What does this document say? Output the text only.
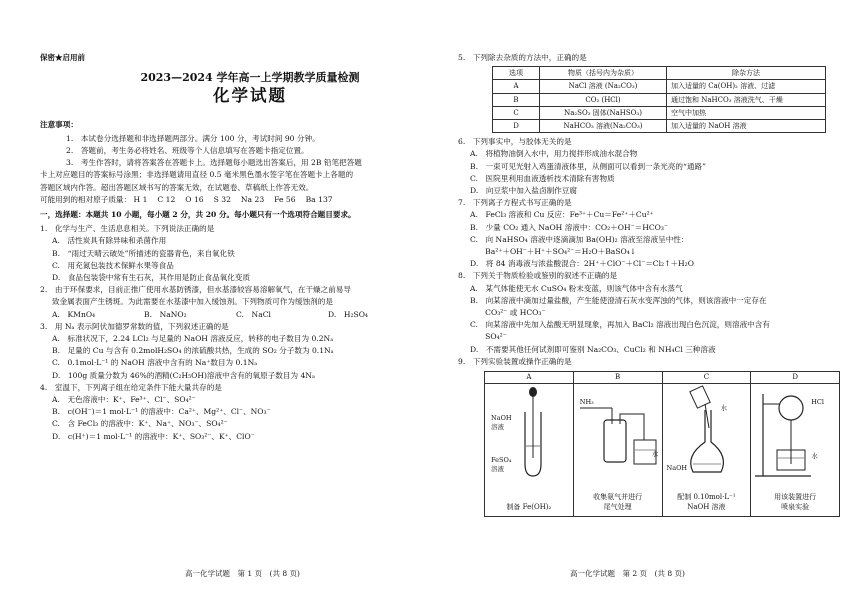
保密★启用前
2023—2024 学年高一上学期教学质量检测
化学试题
注意事项：

1.　本试卷分选择题和非选择题两部分。满分 100 分，考试时间 90 分钟。

2.　答题前，考生务必将姓名、班级等个人信息填写在答题卡指定位置。

3.　考生作答时，请将答案答在答题卡上。选择题每小题选出答案后，用 2B 铅笔把答题

卡上对应题目的答案标号涂黑；非选择题请用直径 0.5 毫米黑色墨水签字笔在答题卡上各题的

答题区域内作答。超出答题区域书写的答案无效，在试题卷、草稿纸上作答无效。

可能用到的相对原子质量： H 1　 C 12　 O 16　 S 32　 Na 23　 Fe 56　 Ba 137

一，选择题：本题共 10 小题，每小题 2 分，共 20 分。每小题只有一个选项符合题目要求。

1.　化学与生产、生活息息相关。下列说法正确的是

A.　活性炭具有除异味和杀菌作用

B.　“雨过天晴云破处”所描述的瓷器青色，来自氧化铁

C.　用充氮包装技术保鲜水果等食品

D.　食品包装袋中常有生石灰，其作用是防止食品氧化变质

2.　由于环保要求，目前正推广使用水基防锈漆，但水基漆较容易溶解氧气，在干燥之前易导

致金属表面产生锈斑。为此需要在水基漆中加入缓蚀剂。下列物质可作为缓蚀剂的是

A.　KMnO₄	B.　NaNO₂	C.　NaCl	D.　H₂SO₄

3.　用 Nₐ 表示阿伏加德罗常数的值，下列叙述正确的是

A.　标准状况下，2.24 LCl₂ 与足量的 NaOH 溶液反应，转移的电子数目为 0.2Nₐ

B.　足量的 Cu 与含有 0.2molH₂SO₄ 的浓硫酸共热，生成的 SO₂ 分子数为 0.1Nₐ

C.　0.1mol·L⁻¹ 的 NaOH 溶液中含有的 Na⁺数目为 0.1Nₐ

D.　100g 质量分数为 46%的酒精(C₂H₅OH)溶液中含有的氧原子数目为 4Nₐ

4.　室温下，下列离子组在给定条件下能大量共存的是

A.　无色溶液中：K⁺、Fe³⁺、Cl⁻、SO₄²⁻

B.　c(OH⁻)＝1 mol·L⁻¹ 的溶液中：Ca²⁺、Mg²⁺、Cl⁻、NO₃⁻

C.　含 FeCl₃ 的溶液中：K⁺、Na⁺、NO₃⁻、SO₄²⁻

D.　c(H⁺)＝1 mol·L⁻¹ 的溶液中：K⁺、SO₃²⁻、K⁺、ClO⁻

高一化学试题　第 1 页　(共 8 页)

5.　下列除去杂质的方法中，正确的是

选项	物质（括号内为杂质）	除杂方法
A	NaCl 溶液 (Na₂CO₃)	加入适量的 Ca(OH)₂ 溶液、过滤
B	CO₂ (HCl)	通过饱和 NaHCO₃ 溶液洗气、干燥
C	Na₂SO₃ 固体(NaHSO₃)	空气中加热
D	NaHCO₃ 溶液(Na₂CO₃)	加入适量的 NaOH 溶液

6.　下列事实中，与胶体无关的是

A.　将植物油倒入水中，用力搅拌形成油水混合物

B.　一束可见光射入鸡蛋清液体里，从侧面可以看到一条光亮的“通路”

C.　医院里利用血液透析技术清除有害物质

D.　向豆浆中加入盐卤制作豆腐

7.　下列离子方程式书写正确的是

A.　FeCl₃ 溶液和 Cu 反应：Fe³⁺＋Cu＝Fe²⁺＋Cu²⁺

B.　少量 CO₂ 通入 NaOH 溶液中：CO₂＋OH⁻＝HCO₃⁻

C.　向 NaHSO₄ 溶液中逐滴滴加 Ba(OH)₂ 溶液至溶液呈中性：

　　Ba²⁺＋OH⁻＋H⁺＋SO₄²⁻＝H₂O＋BaSO₄↓

D.　将 84 消毒液与浓盐酸混合：2H⁺＋ClO⁻＋Cl⁻＝Cl₂↑＋H₂O

8.　下列关于物质检验或鉴别的叙述不正确的是

A.　某气体能使无水 CuSO₄ 粉末变蓝，则该气体中含有水蒸气

B.　向某溶液中滴加过量盐酸，产生能使澄清石灰水变浑浊的气体，则该溶液中一定存在

　　CO₃²⁻ 或 HCO₃⁻

C.　向某溶液中先加入盐酸无明显现象，再加入 BaCl₂ 溶液出现白色沉淀，则溶液中含有

　　SO₄²⁻

D.　不需要其他任何试剂即可鉴别 Na₂CO₃、CuCl₂ 和 NH₄Cl 三种溶液

9.　下列实验装置或操作正确的是

A
NaOH
溶液
FeSO₄
溶液
制备 Fe(OH)₂
B
NH₃
水
收集氨气并进行
尾气处理
C
水
NaOH
配制 0.10mol·L⁻¹
NaOH 溶液
D
HCl
水
用该装置进行
喷泉实验
高一化学试题　第 2 页　(共 8 页)
